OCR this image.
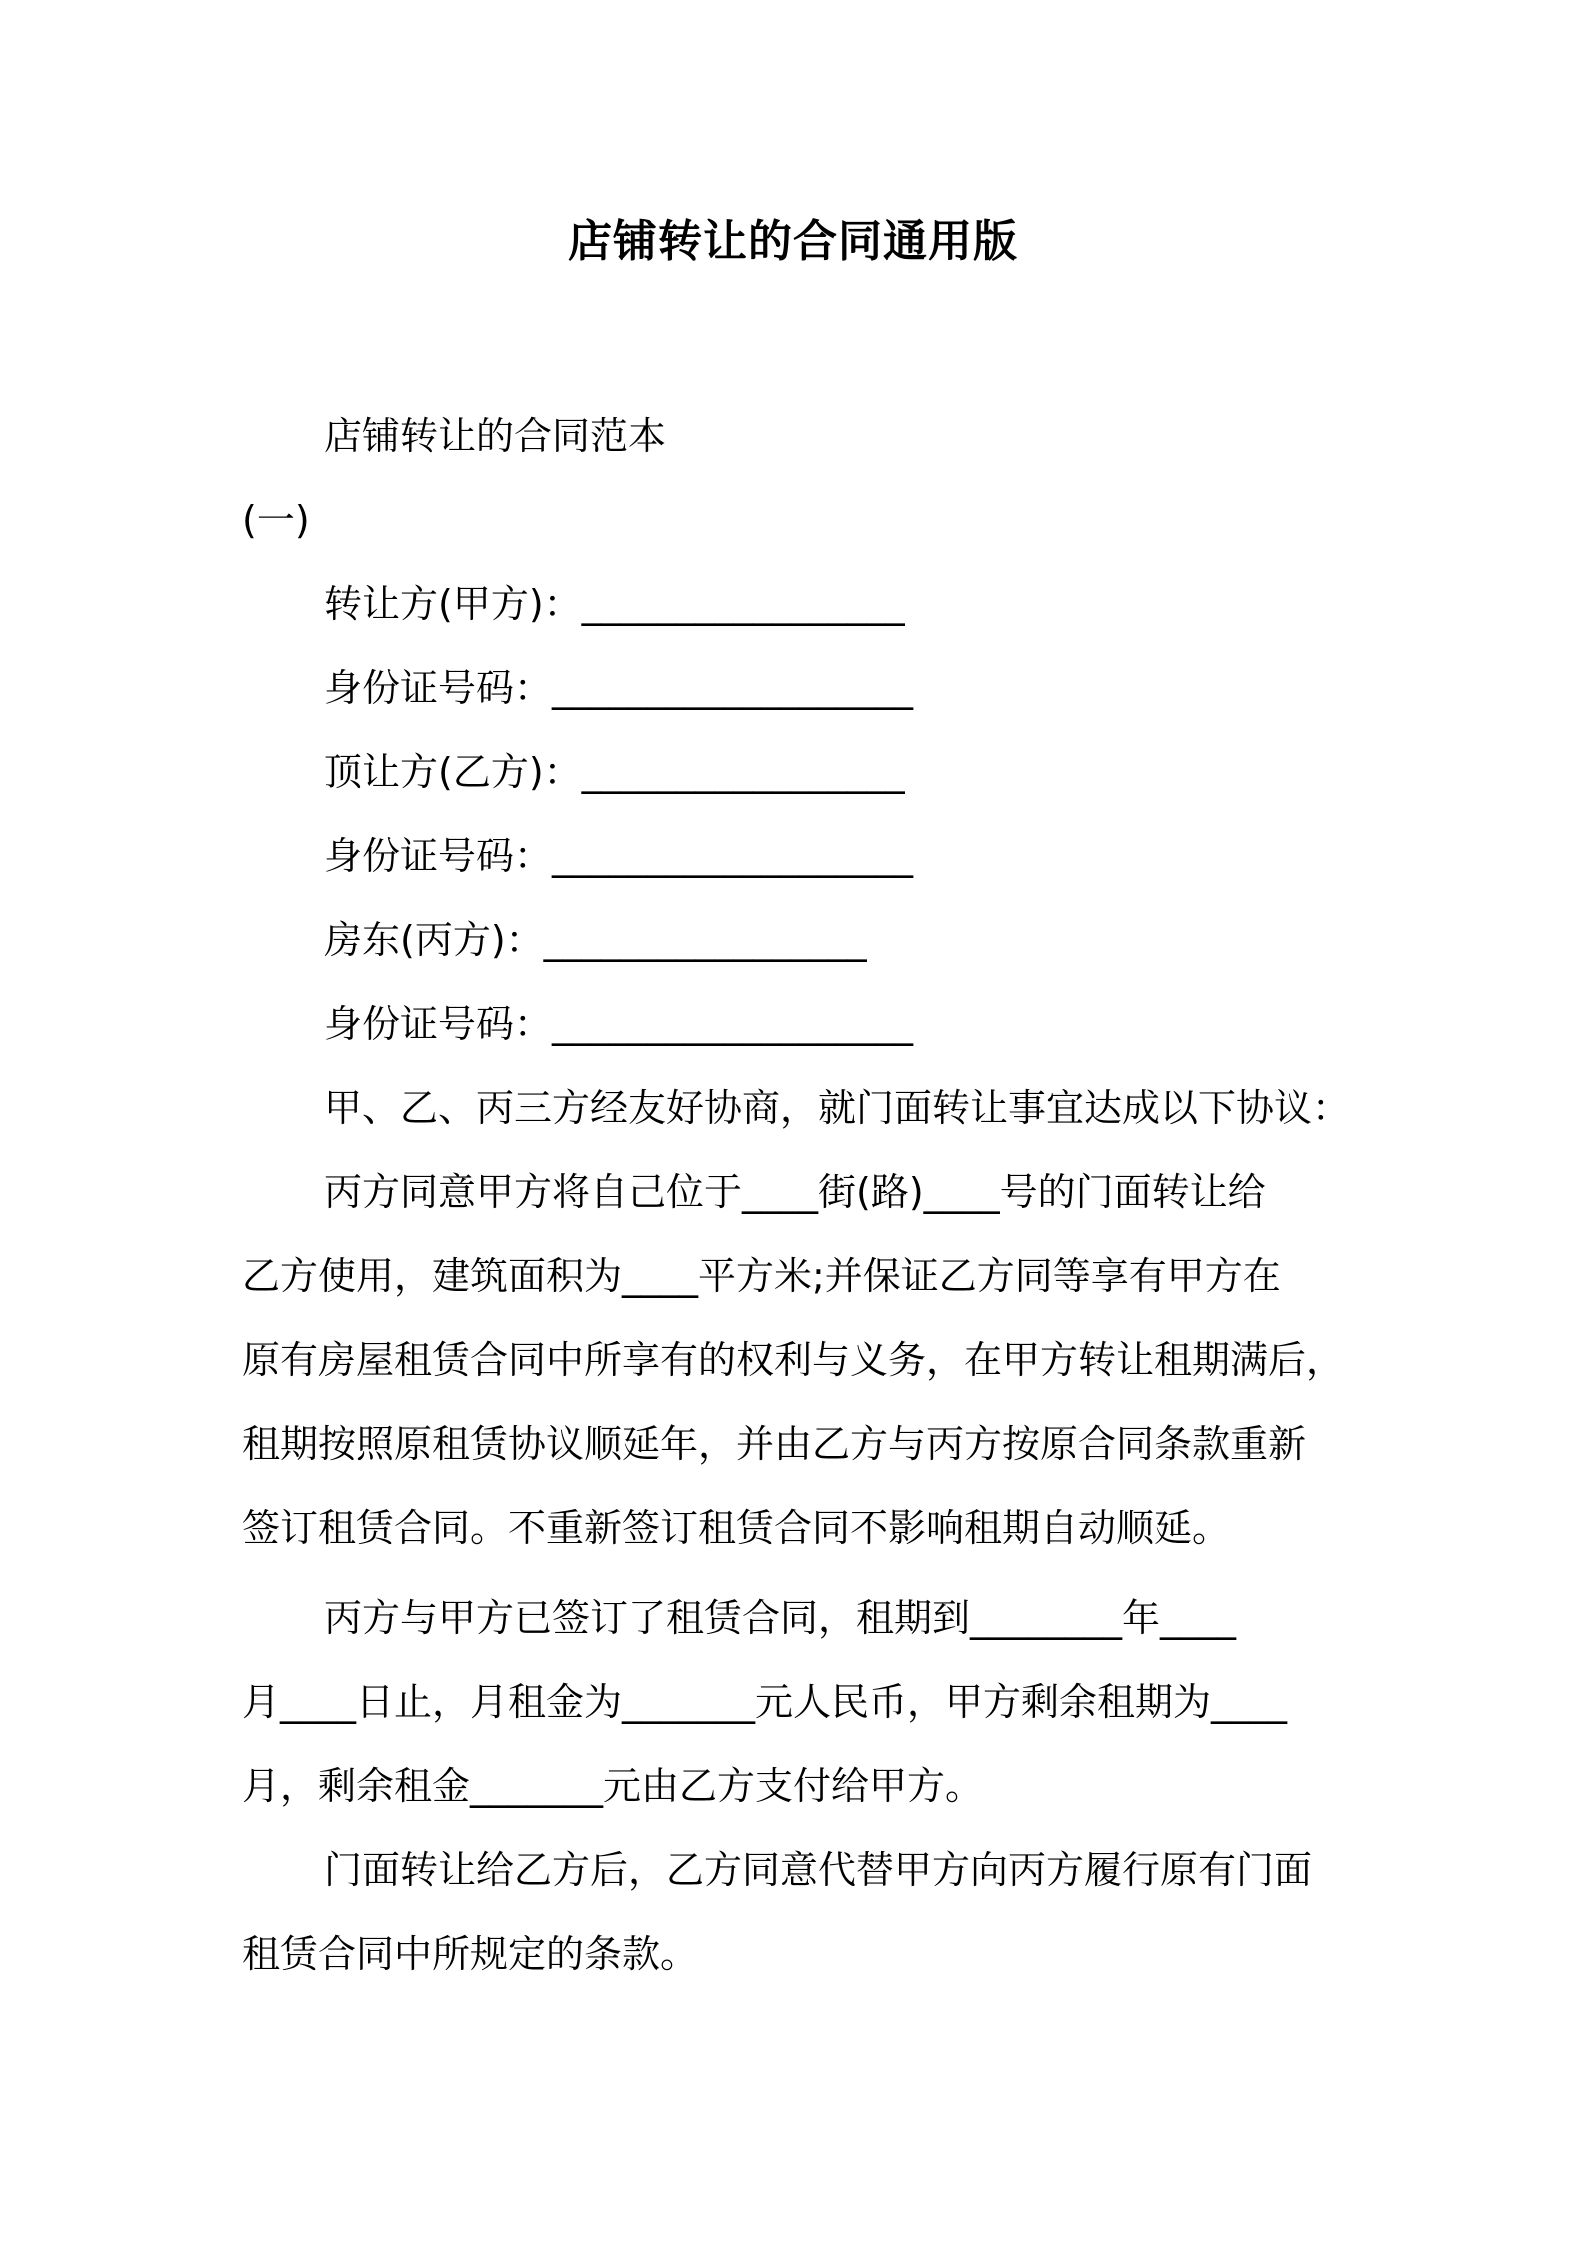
店铺转让的合同通用版
店铺转让的合同范本
(一)
转让方(甲方)：_________________
身份证号码：___________________
顶让方(乙方)：_________________
身份证号码：___________________
房东(丙方)：_________________
身份证号码：___________________
甲、乙、丙三方经友好协商，就门面转让事宜达成以下协议：
丙方同意甲方将自己位于____街(路)____号的门面转让给
乙方使用，建筑面积为____平方米;并保证乙方同等享有甲方在
原有房屋租赁合同中所享有的权利与义务，在甲方转让租期满后，
租期按照原租赁协议顺延年，并由乙方与丙方按原合同条款重新
签订租赁合同。不重新签订租赁合同不影响租期自动顺延。
丙方与甲方已签订了租赁合同，租期到________年____
月____日止，月租金为_______元人民币，甲方剩余租期为____
月，剩余租金_______元由乙方支付给甲方。
门面转让给乙方后，乙方同意代替甲方向丙方履行原有门面
租赁合同中所规定的条款。
